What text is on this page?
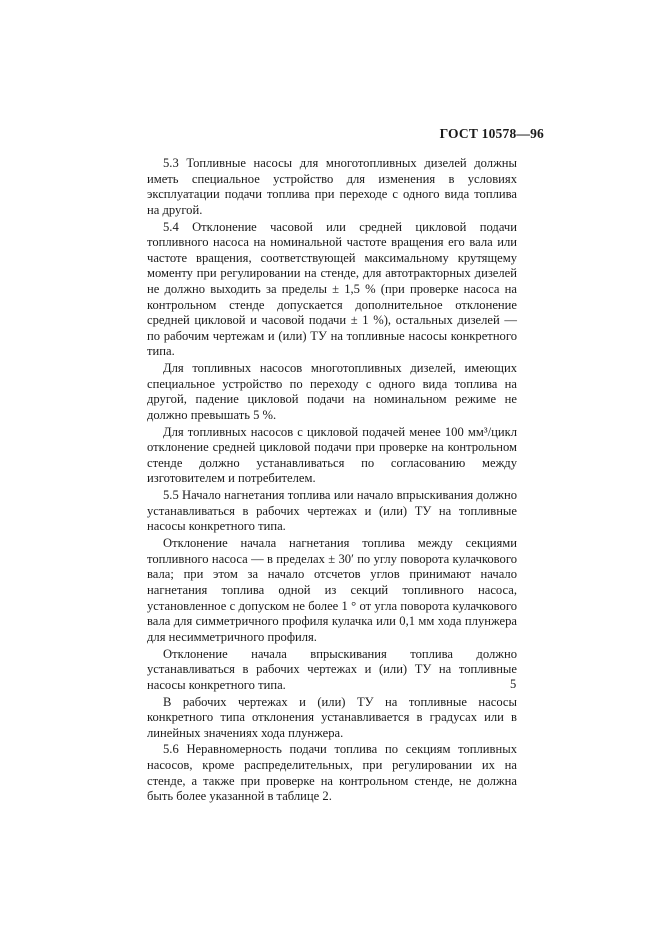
ГОСТ 10578—96

5.3 Топливные насосы для многотопливных дизелей должны иметь специальное устройство для изменения в условиях эксплуатации подачи топлива при переходе с одного вида топлива на другой.

5.4 Отклонение часовой или средней цикловой подачи топливного насоса на номинальной частоте вращения его вала или частоте вращения, соответствующей максимальному крутящему моменту при регулировании на стенде, для автотракторных дизелей не должно выходить за пределы ± 1,5 % (при проверке насоса на контрольном стенде допускается дополнительное отклонение средней цикловой и часовой подачи ± 1 %), остальных дизелей — по рабочим чертежам и (или) ТУ на топливные насосы конкретного типа.

Для топливных насосов многотопливных дизелей, имеющих специальное устройство по переходу с одного вида топлива на другой, падение цикловой подачи на номинальном режиме не должно превышать 5 %.

Для топливных насосов с цикловой подачей менее 100 мм³/цикл отклонение средней цикловой подачи при проверке на контрольном стенде должно устанавливаться по согласованию между изготовителем и потребителем.

5.5 Начало нагнетания топлива или начало впрыскивания должно устанавливаться в рабочих чертежах и (или) ТУ на топливные насосы конкретного типа.

Отклонение начала нагнетания топлива между секциями топливного насоса — в пределах ± 30′ по углу поворота кулачкового вала; при этом за начало отсчетов углов принимают начало нагнетания топлива одной из секций топливного насоса, установленное с допуском не более 1 ° от угла поворота кулачкового вала для симметричного профиля кулачка или 0,1 мм хода плунжера для несимметричного профиля.

Отклонение начала впрыскивания топлива должно устанавливаться в рабочих чертежах и (или) ТУ на топливные насосы конкретного типа.

В рабочих чертежах и (или) ТУ на топливные насосы конкретного типа отклонения устанавливается в градусах или в линейных значениях хода плунжера.

5.6 Неравномерность подачи топлива по секциям топливных насосов, кроме распределительных, при регулировании их на стенде, а также при проверке на контрольном стенде, не должна быть более указанной в таблице 2.

5
